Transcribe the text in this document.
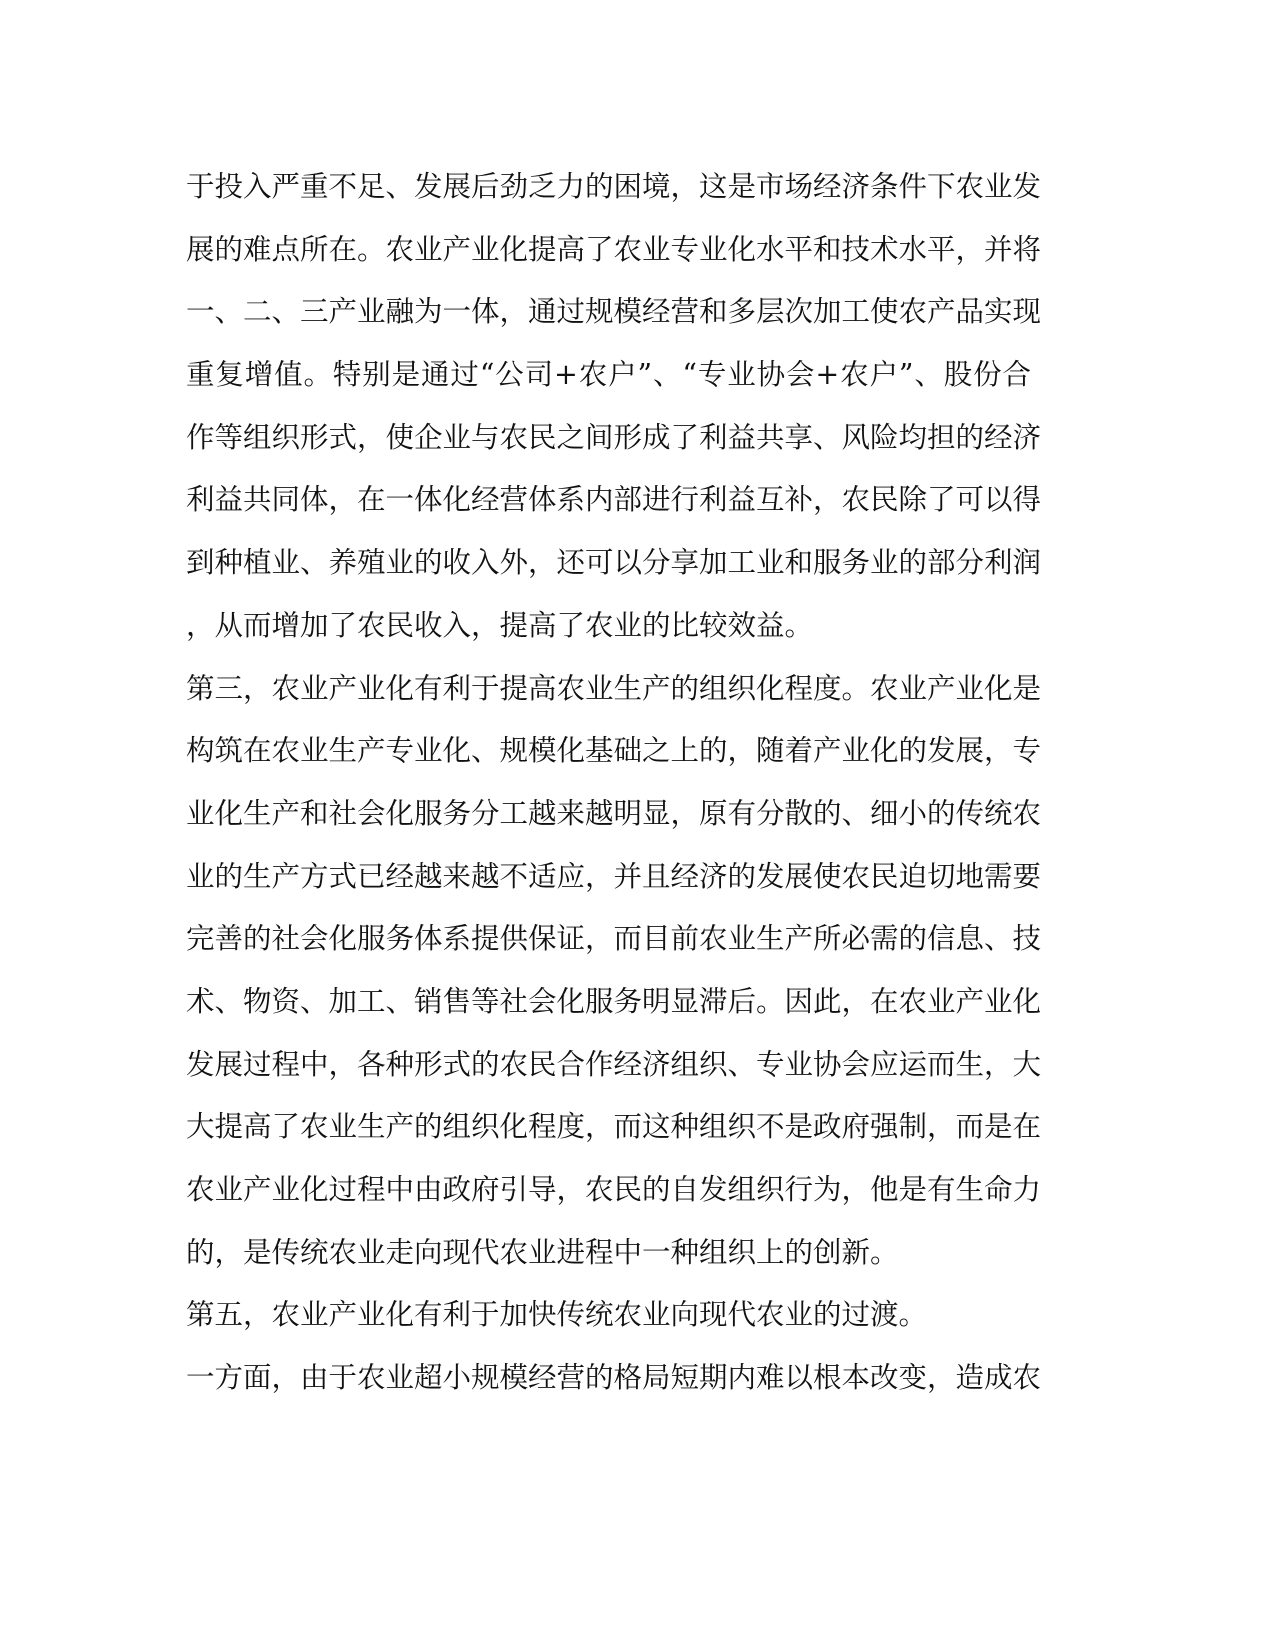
于投入严重不足、发展后劲乏力的困境，这是市场经济条件下农业发
展的难点所在。农业产业化提高了农业专业化水平和技术水平，并将
一、二、三产业融为一体，通过规模经营和多层次加工使农产品实现
重复增值。特别是通过“公司+农户”、“专业协会+农户”、股份合
作等组织形式，使企业与农民之间形成了利益共享、风险均担的经济
利益共同体，在一体化经营体系内部进行利益互补，农民除了可以得
到种植业、养殖业的收入外，还可以分享加工业和服务业的部分利润
，从而增加了农民收入，提高了农业的比较效益。
第三，农业产业化有利于提高农业生产的组织化程度。农业产业化是
构筑在农业生产专业化、规模化基础之上的，随着产业化的发展，专
业化生产和社会化服务分工越来越明显，原有分散的、细小的传统农
业的生产方式已经越来越不适应，并且经济的发展使农民迫切地需要
完善的社会化服务体系提供保证，而目前农业生产所必需的信息、技
术、物资、加工、销售等社会化服务明显滞后。因此，在农业产业化
发展过程中，各种形式的农民合作经济组织、专业协会应运而生，大
大提高了农业生产的组织化程度，而这种组织不是政府强制，而是在
农业产业化过程中由政府引导，农民的自发组织行为，他是有生命力
的，是传统农业走向现代农业进程中一种组织上的创新。
第五，农业产业化有利于加快传统农业向现代农业的过渡。
一方面，由于农业超小规模经营的格局短期内难以根本改变，造成农
